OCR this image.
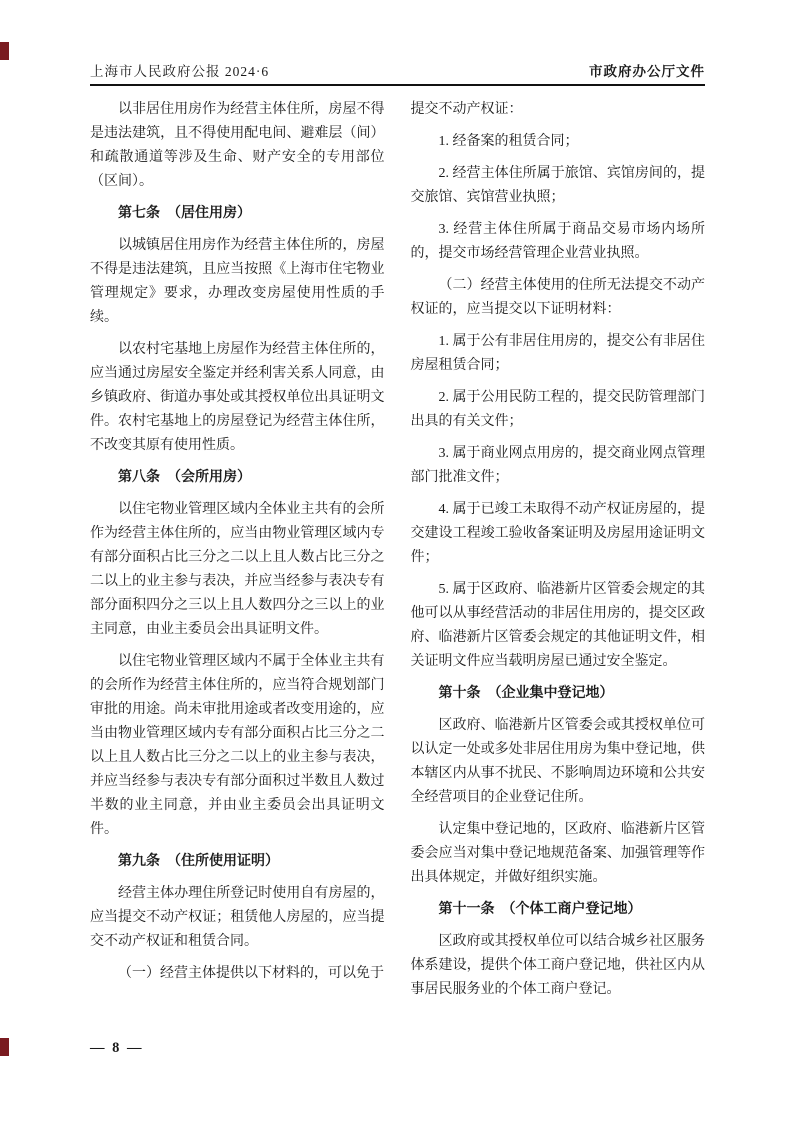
上海市人民政府公报 2024·6	市政府办公厅文件

以非居住用房作为经营主体住所，房屋不得是违法建筑，且不得使用配电间、避难层（间）和疏散通道等涉及生命、财产安全的专用部位（区间）。

第七条　（居住用房）

以城镇居住用房作为经营主体住所的，房屋不得是违法建筑，且应当按照《上海市住宅物业管理规定》要求，办理改变房屋使用性质的手续。

以农村宅基地上房屋作为经营主体住所的，应当通过房屋安全鉴定并经利害关系人同意，由乡镇政府、街道办事处或其授权单位出具证明文件。农村宅基地上的房屋登记为经营主体住所，不改变其原有使用性质。

第八条　（会所用房）

以住宅物业管理区域内全体业主共有的会所作为经营主体住所的，应当由物业管理区域内专有部分面积占比三分之二以上且人数占比三分之二以上的业主参与表决，并应当经参与表决专有部分面积四分之三以上且人数四分之三以上的业主同意，由业主委员会出具证明文件。

以住宅物业管理区域内不属于全体业主共有的会所作为经营主体住所的，应当符合规划部门审批的用途。尚未审批用途或者改变用途的，应当由物业管理区域内专有部分面积占比三分之二以上且人数占比三分之二以上的业主参与表决，并应当经参与表决专有部分面积过半数且人数过半数的业主同意，并由业主委员会出具证明文件。

第九条　（住所使用证明）

经营主体办理住所登记时使用自有房屋的，应当提交不动产权证；租赁他人房屋的，应当提交不动产权证和租赁合同。

（一）经营主体提供以下材料的，可以免于

提交不动产权证：

1. 经备案的租赁合同；

2. 经营主体住所属于旅馆、宾馆房间的，提交旅馆、宾馆营业执照；

3. 经营主体住所属于商品交易市场内场所的，提交市场经营管理企业营业执照。

（二）经营主体使用的住所无法提交不动产权证的，应当提交以下证明材料：

1. 属于公有非居住用房的，提交公有非居住房屋租赁合同；

2. 属于公用民防工程的，提交民防管理部门出具的有关文件；

3. 属于商业网点用房的，提交商业网点管理部门批准文件；

4. 属于已竣工未取得不动产权证房屋的，提交建设工程竣工验收备案证明及房屋用途证明文件；

5. 属于区政府、临港新片区管委会规定的其他可以从事经营活动的非居住用房的，提交区政府、临港新片区管委会规定的其他证明文件，相关证明文件应当载明房屋已通过安全鉴定。

第十条　（企业集中登记地）

区政府、临港新片区管委会或其授权单位可以认定一处或多处非居住用房为集中登记地，供本辖区内从事不扰民、不影响周边环境和公共安全经营项目的企业登记住所。

认定集中登记地的，区政府、临港新片区管委会应当对集中登记地规范备案、加强管理等作出具体规定，并做好组织实施。

第十一条　（个体工商户登记地）

区政府或其授权单位可以结合城乡社区服务体系建设，提供个体工商户登记地，供社区内从事居民服务业的个体工商户登记。

— 8 —
